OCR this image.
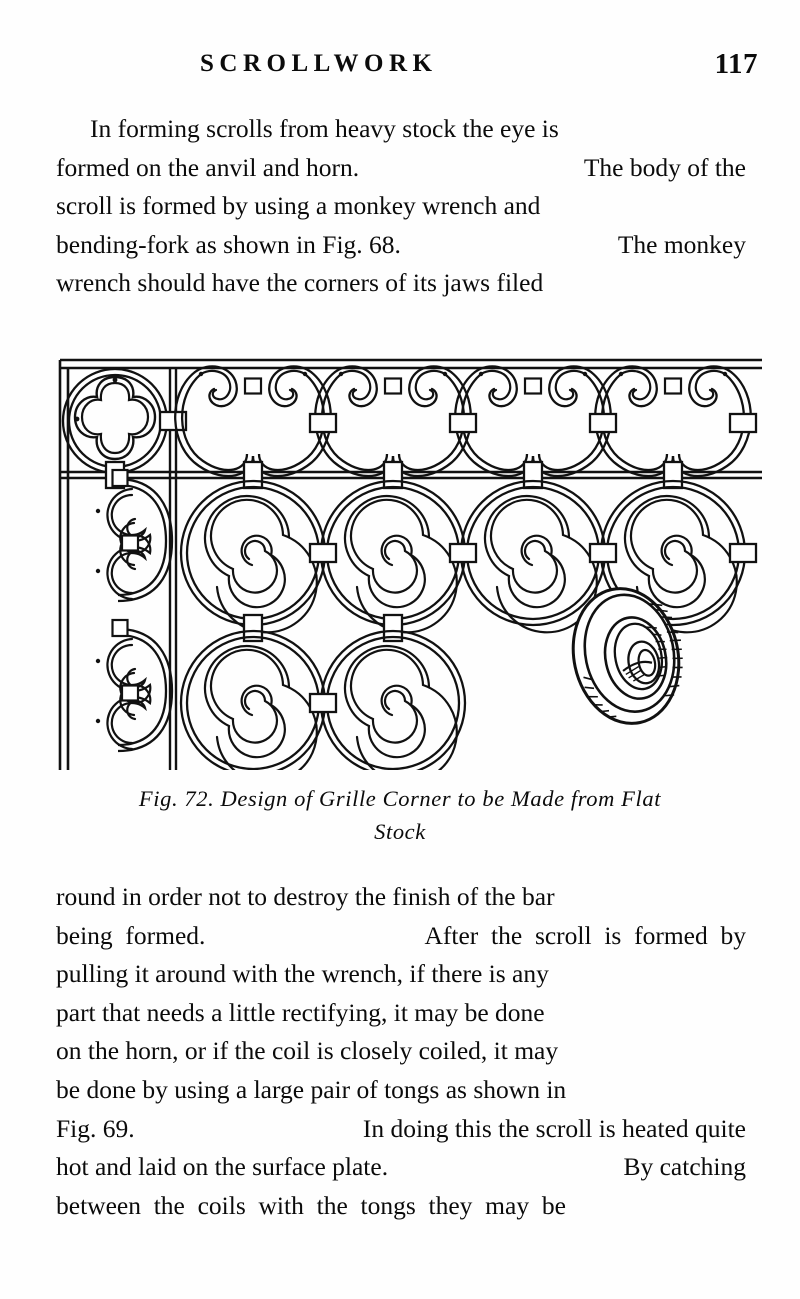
SCROLLWORK	117
In forming scrolls from heavy stock the eye is
formed on the anvil and horn.	The body of the
scroll is formed by using a monkey wrench and
bending-fork as shown in Fig. 68.	The monkey
wrench should have the corners of its jaws filed
Fig. 72. Design of Grille Corner to be Made from Flat
Stock
round in order not to destroy the finish of the bar
being  formed.	After  the  scroll  is  formed  by
pulling it around with the wrench, if there is any
part that needs a little rectifying, it may be done
on the horn, or if the coil is closely coiled, it may
be done by using a large pair of tongs as shown in
Fig. 69.	In doing this the scroll is heated quite
hot and laid on the surface plate.	By catching
between  the  coils  with  the  tongs  they  may  be
